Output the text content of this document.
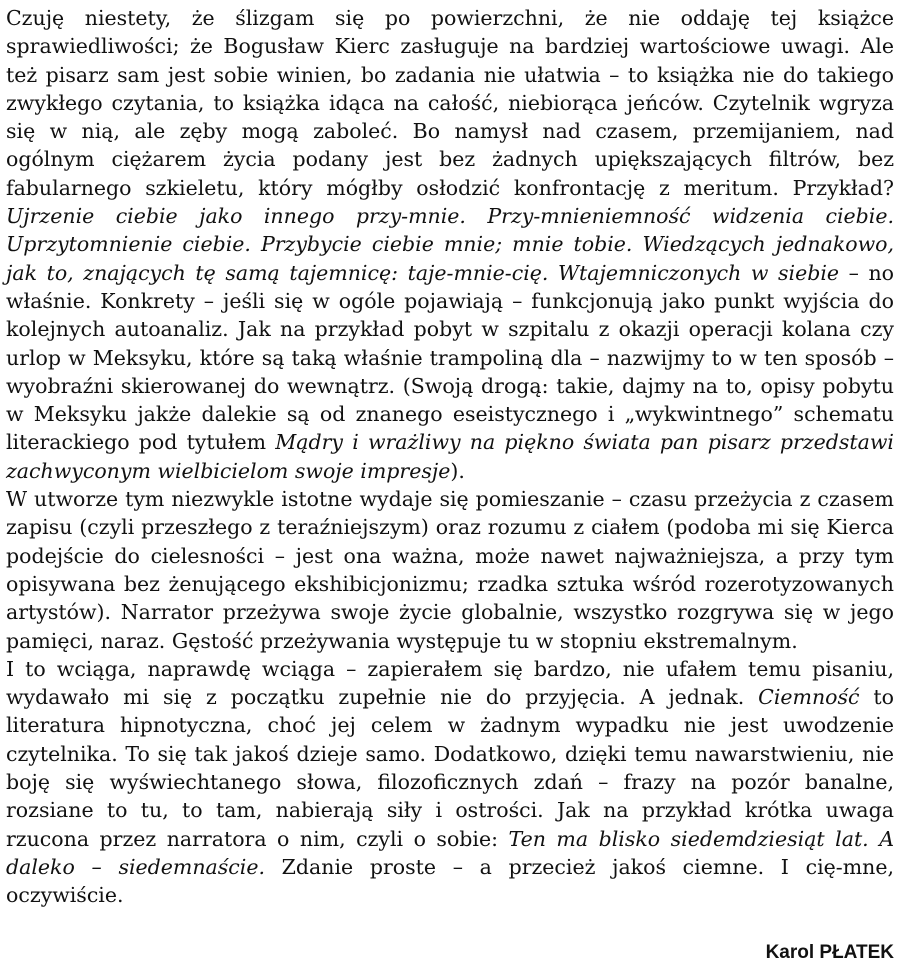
Czuję niestety, że ślizgam się po powierzchni, że nie oddaję tej książce sprawiedliwości; że Bogusław Kierc zasługuje na bardziej wartościowe uwagi. Ale też pisarz sam jest sobie winien, bo zadania nie ułatwia – to książka nie do takiego zwykłego czytania, to książka idąca na całość, niebiorąca jeńców. Czytelnik wgryza się w nią, ale zęby mogą zaboleć. Bo namysł nad czasem, przemijaniem, nad ogólnym ciężarem życia podany jest bez żadnych upiększających filtrów, bez fabularnego szkieletu, który mógłby osłodzić konfrontację z meritum. Przykład? Ujrzenie ciebie jako innego przy-mnie. Przy-mnieniemność widzenia ciebie. Uprzytomnienie ciebie. Przybycie ciebie mnie; mnie tobie. Wiedzących jednakowo, jak to, znających tę samą tajemnicę: taje-mnie-cię. Wtajemniczonych w siebie – no właśnie. Konkrety – jeśli się w ogóle pojawiają – funkcjonują jako punkt wyjścia do kolejnych autoanaliz. Jak na przykład pobyt w szpitalu z okazji operacji kolana czy urlop w Meksyku, które są taką właśnie trampoliną dla – nazwijmy to w ten sposób – wyobraźni skierowanej do wewnątrz. (Swoją drogą: takie, dajmy na to, opisy pobytu w Meksyku jakże dalekie są od znanego eseistycznego i „wykwintnego” schematu literackiego pod tytułem Mądry i wrażliwy na piękno świata pan pisarz przedstawi zachwyconym wielbicielom swoje impresje).

W utworze tym niezwykle istotne wydaje się pomieszanie – czasu przeżycia z czasem zapisu (czyli przeszłego z teraźniejszym) oraz rozumu z ciałem (podoba mi się Kierca podejście do cielesności – jest ona ważna, może nawet najważniejsza, a przy tym opisywana bez żenującego ekshibicjonizmu; rzadka sztuka wśród rozerotyzowanych artystów). Narrator przeżywa swoje życie globalnie, wszystko rozgrywa się w jego pamięci, naraz. Gęstość przeżywania występuje tu w stopniu ekstremalnym.

I to wciąga, naprawdę wciąga – zapierałem się bardzo, nie ufałem temu pisaniu, wydawało mi się z początku zupełnie nie do przyjęcia. A jednak. Ciemność to literatura hipnotyczna, choć jej celem w żadnym wypadku nie jest uwodzenie czytelnika. To się tak jakoś dzieje samo. Dodatkowo, dzięki temu nawarstwieniu, nie boję się wyświechtanego słowa, filozoficznych zdań – frazy na pozór banalne, rozsiane to tu, to tam, nabierają siły i ostrości. Jak na przykład krótka uwaga rzucona przez narratora o nim, czyli o sobie: Ten ma blisko siedemdziesiąt lat. A daleko – siedemnaście. Zdanie proste – a przecież jakoś ciemne. I cię-mne, oczywiście.

Karol PŁATEK
